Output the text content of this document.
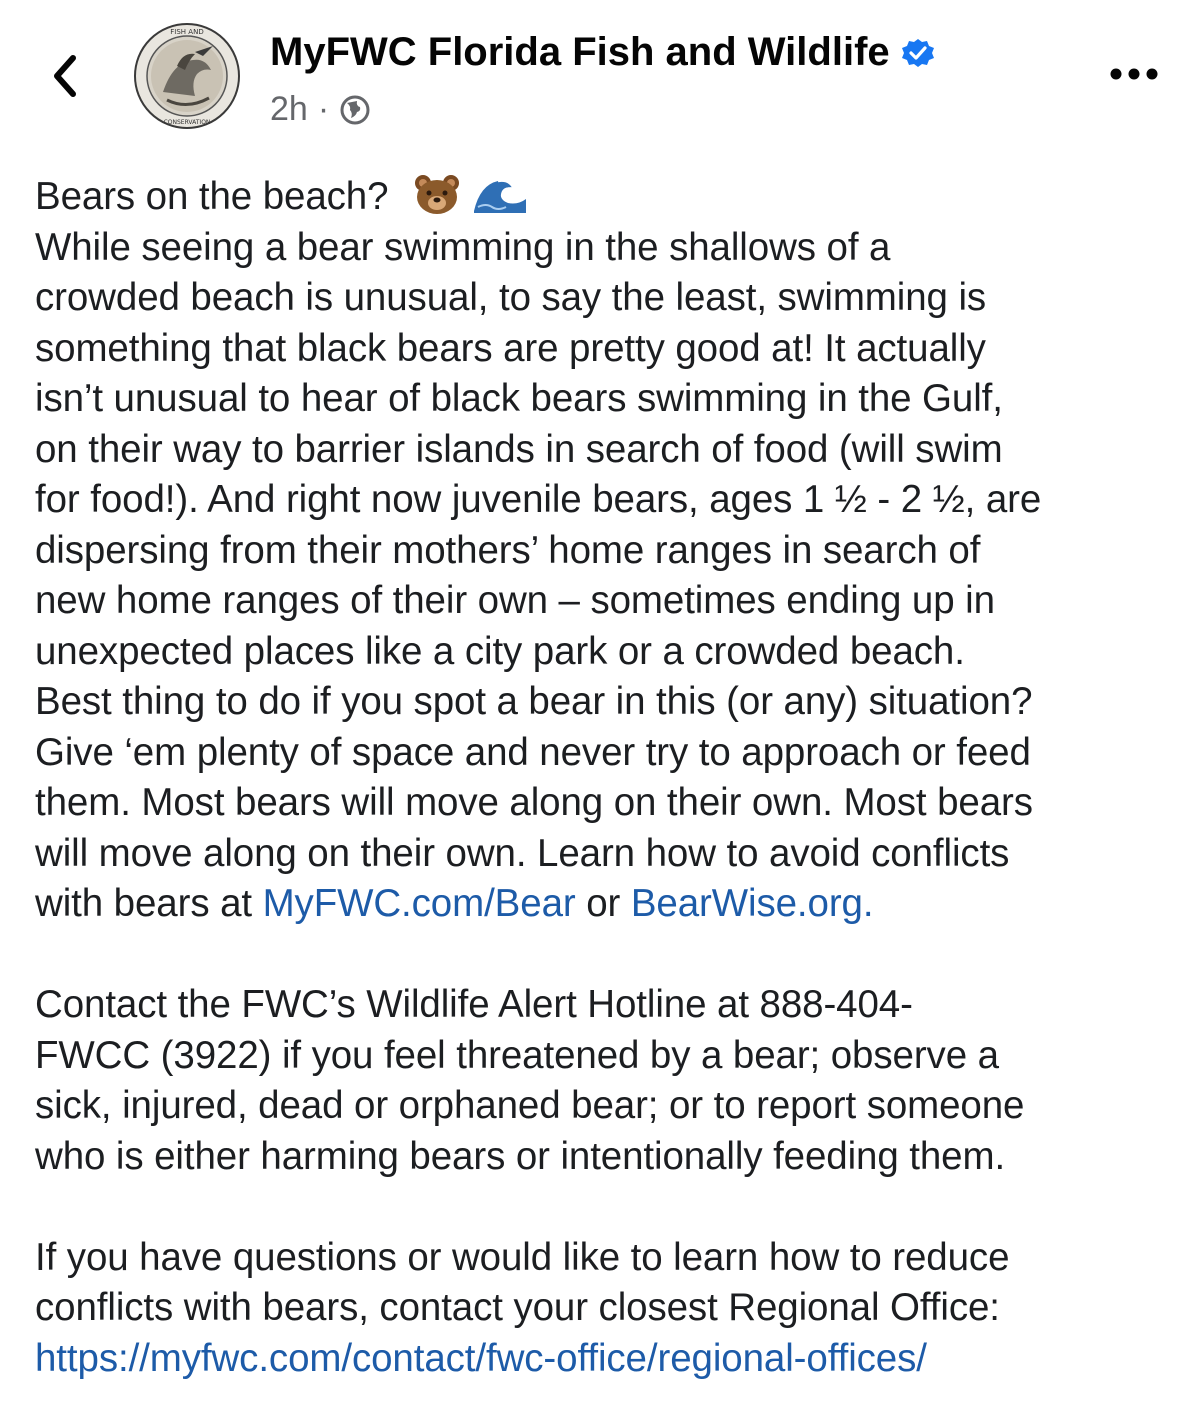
FISH AND
CONSERVATION
MyFWC Florida Fish and Wildlife
2h ·
Bears on the beach?
While seeing a bear swimming in the shallows of a
crowded beach is unusual, to say the least, swimming is
something that black bears are pretty good at! It actually
isn’t unusual to hear of black bears swimming in the Gulf,
on their way to barrier islands in search of food (will swim
for food!). And right now juvenile bears, ages 1 ½ - 2 ½, are
dispersing from their mothers’ home ranges in search of
new home ranges of their own – sometimes ending up in
unexpected places like a city park or a crowded beach.
Best thing to do if you spot a bear in this (or any) situation?
Give ‘em plenty of space and never try to approach or feed
them. Most bears will move along on their own. Most bears
will move along on their own. Learn how to avoid conflicts
with bears at MyFWC.com/Bear or BearWise.org.
Contact the FWC’s Wildlife Alert Hotline at 888-404-
FWCC (3922) if you feel threatened by a bear; observe a
sick, injured, dead or orphaned bear; or to report someone
who is either harming bears or intentionally feeding them.
If you have questions or would like to learn how to reduce
conflicts with bears, contact your closest Regional Office:
https://myfwc.com/contact/fwc-office/regional-offices/
